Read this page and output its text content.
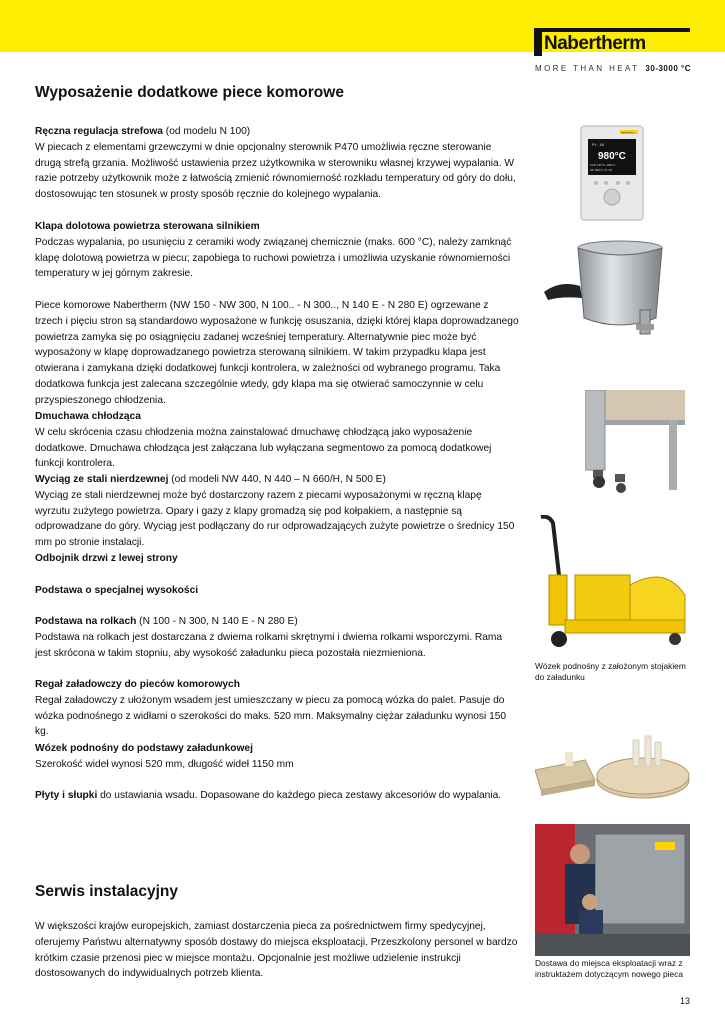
Nabertherm
MORE THAN HEAT 30-3000 °C
Wyposażenie dodatkowe piece komorowe

Ręczna regulacja strefowa (od modelu N 100)

W piecach z elementami grzewczymi w dnie opcjonalny sterownik P470 umożliwia ręczne sterowanie drugą strefą grzania. Możliwość ustawienia przez użytkownika w sterowniku własnej krzywej wypalania. W razie potrzeby użytkownik może z łatwością zmienić równomierność rozkładu temperatury od góry do dołu, dostosowując ten stosunek w prosty sposób ręcznie do kolejnego wypalania.

Klapa dolotowa powietrza sterowana silnikiem

Podczas wypalania, po usunięciu z ceramiki wody związanej chemicznie (maks. 600 °C), należy zamknąć klapę dolotową powietrza w piecu; zapobiega to ruchowi powietrza i umożliwia uzyskanie równomierności temperatury w jej górnym zakresie.

Piece komorowe Nabertherm (NW 150 - NW 300, N 100.. - N 300.., N 140 E - N 280 E) ogrzewane z trzech i pięciu stron są standardowo wyposażone w funkcję osuszania, dzięki której klapa doprowadzanego powietrza zamyka się po osiągnięciu zadanej wcześniej temperatury. Alternatywnie piec może być wyposażony w klapę doprowadzanego powietrza sterowaną silnikiem. W takim przypadku klapa jest otwierana i zamykana dzięki dodatkowej funkcji kontrolera, w zależności od wybranego programu. Taka dodatkowa funkcja jest zalecana szczególnie wtedy, gdy klapa ma się otwierać samoczynnie w celu przyspieszonego chłodzenia.

Dmuchawa chłodząca

W celu skrócenia czasu chłodzenia można zainstalować dmuchawę chłodzącą jako wyposażenie dodatkowe. Dmuchawa chłodząca jest załączana lub wyłączana segmentowo za pomocą dodatkowej funkcji kontrolera.

Wyciąg ze stali nierdzewnej (od modeli NW 440, N 440 – N 660/H, N 500 E)

Wyciąg ze stali nierdzewnej może być dostarczony razem z piecami wyposażonymi w ręczną klapę wyrzutu zużytego powietrza. Opary i gazy z klapy gromadzą się pod kołpakiem, a następnie są odprowadzane do góry. Wyciąg jest podłączany do rur odprowadzających zużyte powietrze o średnicy 150 mm po stronie instalacji.

Odbojnik drzwi z lewej strony

Podstawa o specjalnej wysokości

Podstawa na rolkach (N 100 - N 300, N 140 E - N 280 E)

Podstawa na rolkach jest dostarczana z dwiema rolkami skrętnymi i dwiema rolkami wsporczymi. Rama jest skrócona w takim stopniu, aby wysokość załadunku pieca pozostała niezmieniona.

Regał załadowczy do pieców komorowych

Regał załadowczy z ułożonym wsadem jest umieszczany w piecu za pomocą wózka do palet. Pasuje do wózka podnośnego z widłami o szerokości do maks. 520 mm. Maksymalny ciężar załadunku wynosi 150 kg.

Wózek podnośny do podstawy załadunkowej

Szerokość wideł wynosi 520 mm, długość wideł 1150 mm

Płyty i słupki do ustawiania wsadu. Dopasowane do każdego pieca zestawy akcesoriów do wypalania.

Serwis instalacyjny

W większości krajów europejskich, zamiast dostarczenia pieca za pośrednictwem firmy spedycyjnej, oferujemy Państwu alternatywny sposób dostawy do miejsca eksploatacji. Przeszkolony personel w bardzo krótkim czasie przenosi piec w miejsce montażu. Opcjonalnie jest możliwe udzielenie instrukcji dostosowanych do indywidualnych potrzeb klienta.

Nabertherm
P4 · 1/6
980°C
ZAD 150°C~980°C
SP 980°C 1h 18'
Wózek podnośny z założonym stojakiem do załadunku
Dostawa do miejsca eksploatacji wraz z instruktażem dotyczącym nowego pieca
13
